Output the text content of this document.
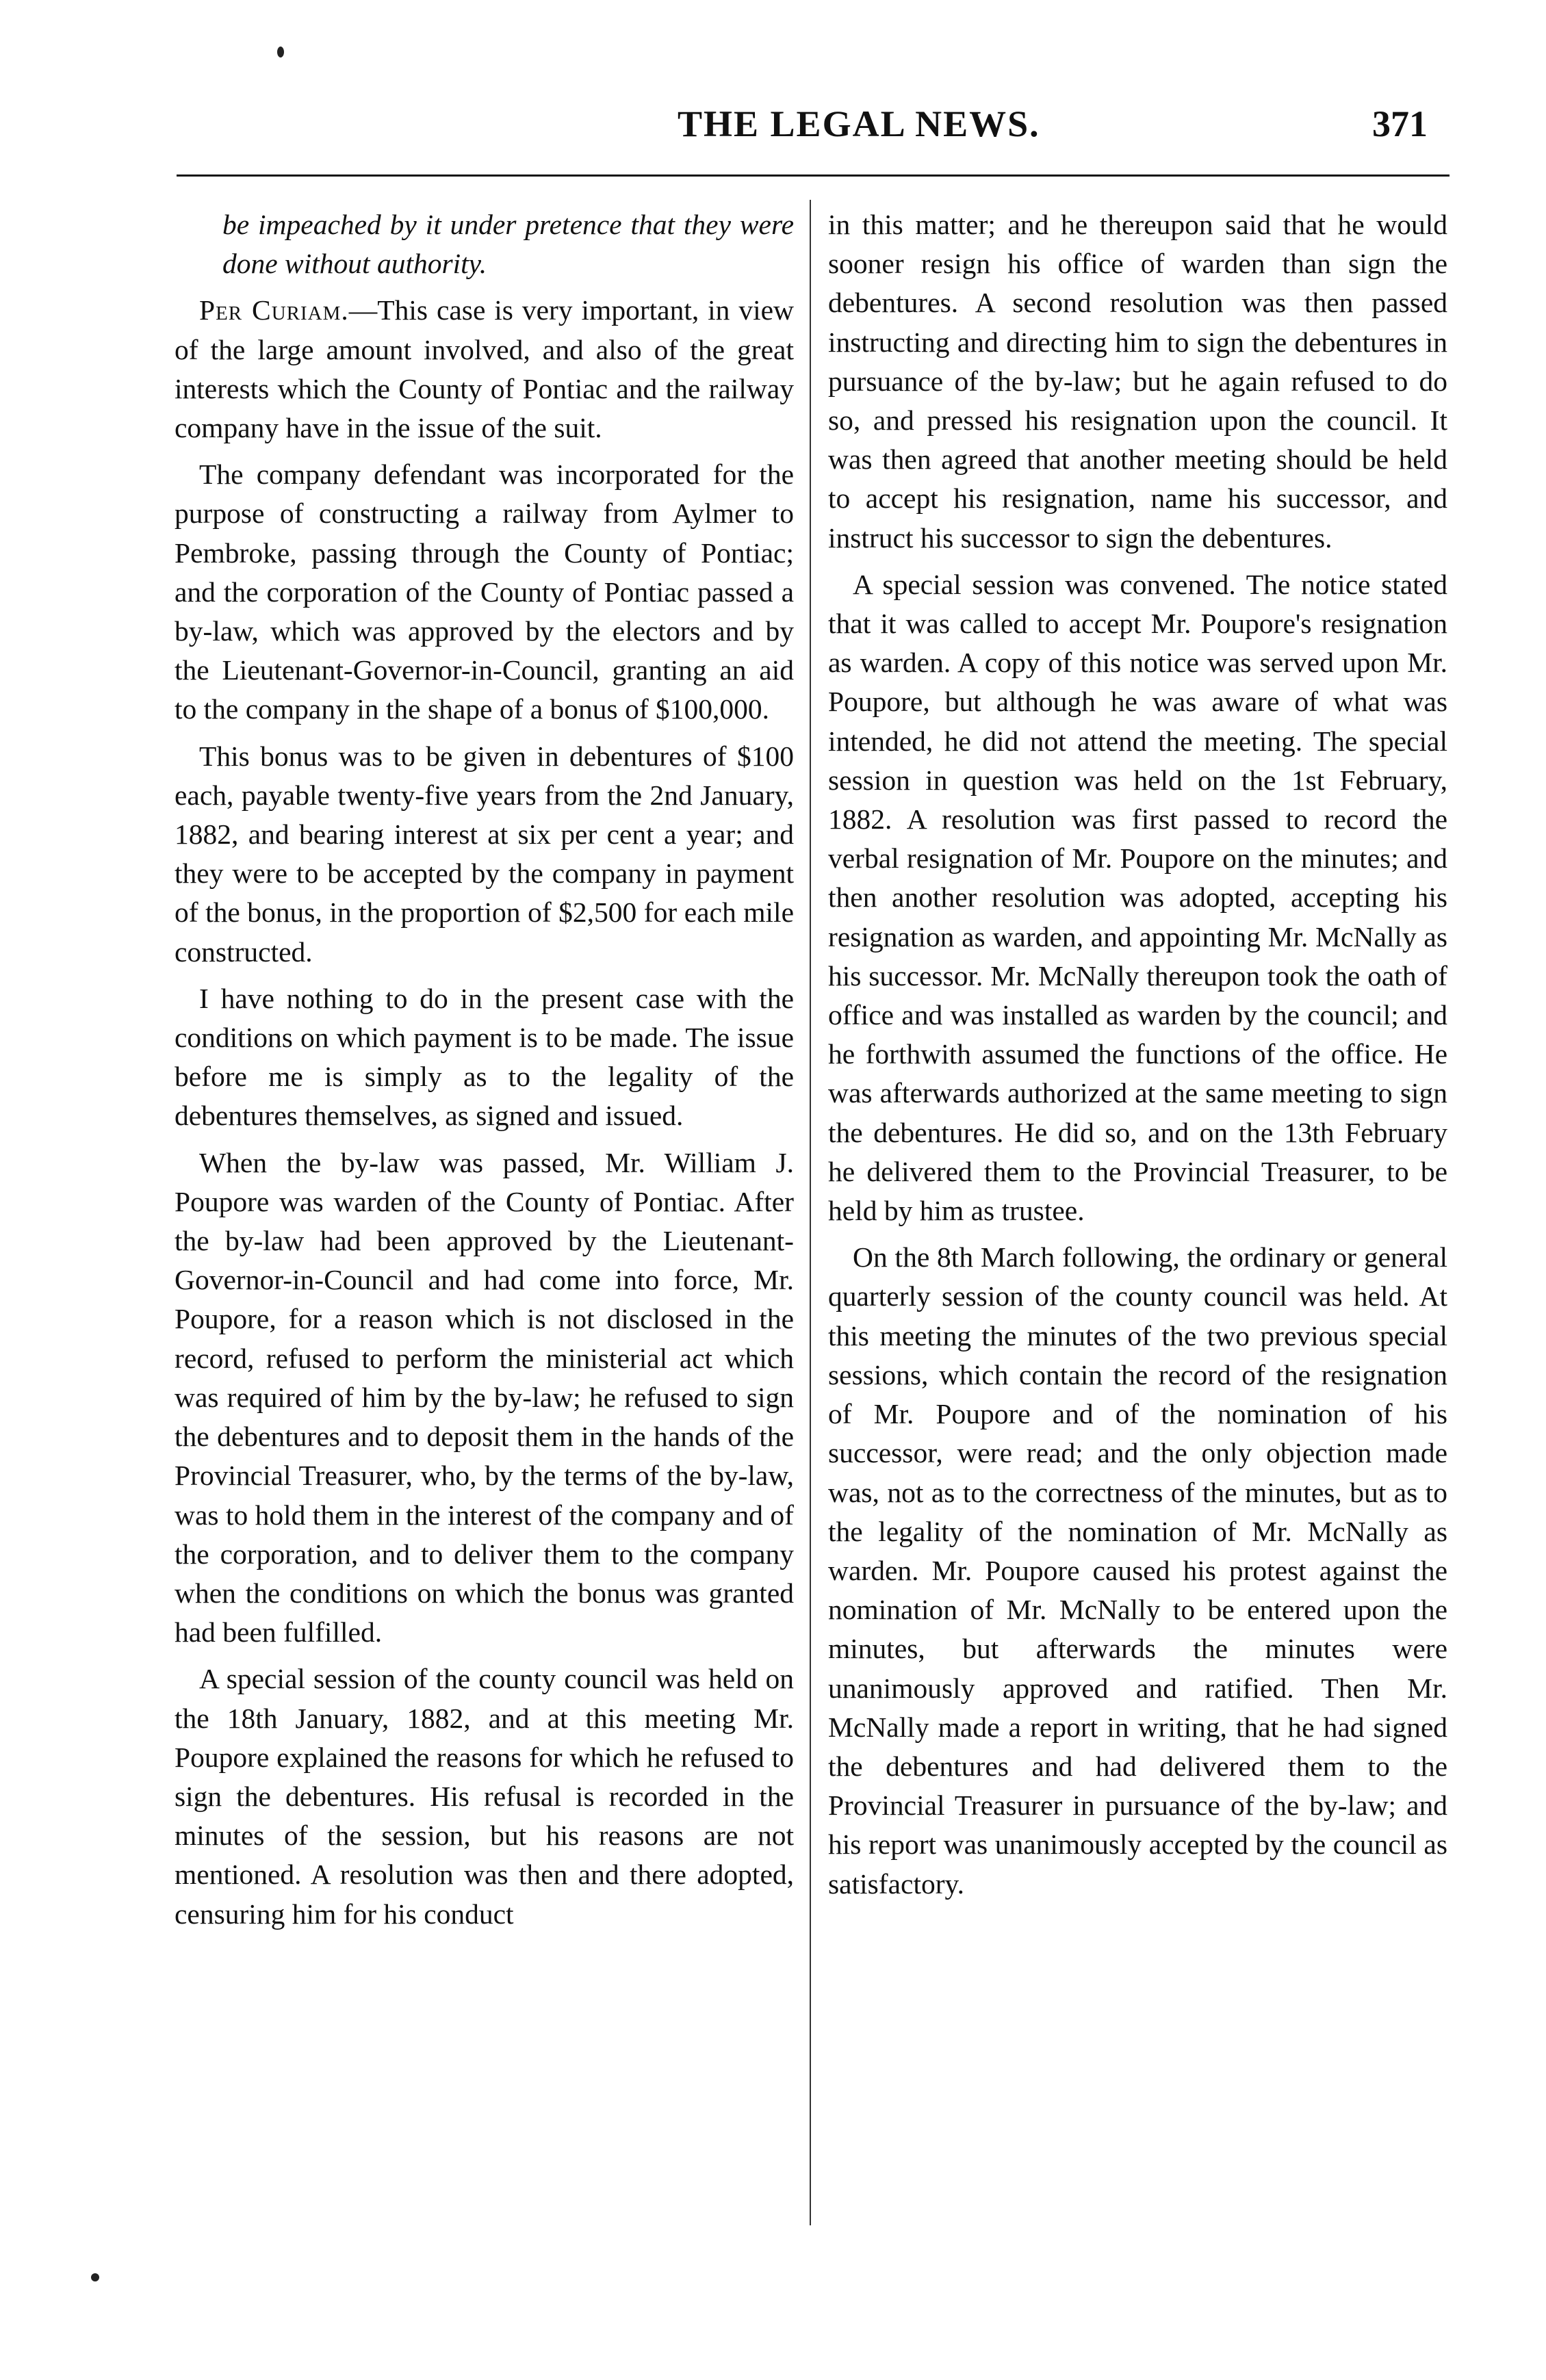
THE LEGAL NEWS.	371

be impeached by it under pretence that they were done without authority.

Per Curiam.—This case is very important, in view of the large amount involved, and also of the great interests which the County of Pontiac and the railway company have in the issue of the suit.

The company defendant was incorporated for the purpose of constructing a railway from Aylmer to Pembroke, passing through the County of Pontiac; and the corporation of the County of Pontiac passed a by-law, which was approved by the electors and by the Lieutenant-Governor-in-Council, granting an aid to the company in the shape of a bonus of $100,000.

This bonus was to be given in debentures of $100 each, payable twenty-five years from the 2nd January, 1882, and bearing interest at six per cent a year; and they were to be accepted by the company in payment of the bonus, in the proportion of $2,500 for each mile constructed.

I have nothing to do in the present case with the conditions on which payment is to be made. The issue before me is simply as to the legality of the debentures themselves, as signed and issued.

When the by-law was passed, Mr. William J. Poupore was warden of the County of Pontiac. After the by-law had been approved by the Lieutenant-Governor-in-Council and had come into force, Mr. Poupore, for a reason which is not disclosed in the record, refused to perform the ministerial act which was required of him by the by-law; he refused to sign the debentures and to deposit them in the hands of the Provincial Treasurer, who, by the terms of the by-law, was to hold them in the interest of the company and of the corporation, and to deliver them to the company when the conditions on which the bonus was granted had been fulfilled.

A special session of the county council was held on the 18th January, 1882, and at this meeting Mr. Poupore explained the reasons for which he refused to sign the debentures. His refusal is recorded in the minutes of the session, but his reasons are not mentioned. A resolution was then and there adopted, censuring him for his conduct

in this matter; and he thereupon said that he would sooner resign his office of warden than sign the debentures. A second resolution was then passed instructing and directing him to sign the debentures in pursuance of the by-law; but he again refused to do so, and pressed his resignation upon the council. It was then agreed that another meeting should be held to accept his resignation, name his successor, and instruct his successor to sign the debentures.

A special session was convened. The notice stated that it was called to accept Mr. Poupore's resignation as warden. A copy of this notice was served upon Mr. Poupore, but although he was aware of what was intended, he did not attend the meeting. The special session in question was held on the 1st February, 1882. A resolution was first passed to record the verbal resignation of Mr. Poupore on the minutes; and then another resolution was adopted, accepting his resignation as warden, and appointing Mr. McNally as his successor. Mr. McNally thereupon took the oath of office and was installed as warden by the council; and he forthwith assumed the functions of the office. He was afterwards authorized at the same meeting to sign the debentures. He did so, and on the 13th February he delivered them to the Provincial Treasurer, to be held by him as trustee.

On the 8th March following, the ordinary or general quarterly session of the county council was held. At this meeting the minutes of the two previous special sessions, which contain the record of the resignation of Mr. Poupore and of the nomination of his successor, were read; and the only objection made was, not as to the correctness of the minutes, but as to the legality of the nomination of Mr. McNally as warden. Mr. Poupore caused his protest against the nomination of Mr. McNally to be entered upon the minutes, but afterwards the minutes were unanimously approved and ratified. Then Mr. McNally made a report in writing, that he had signed the debentures and had delivered them to the Provincial Treasurer in pursuance of the by-law; and his report was unanimously accepted by the council as satisfactory.
